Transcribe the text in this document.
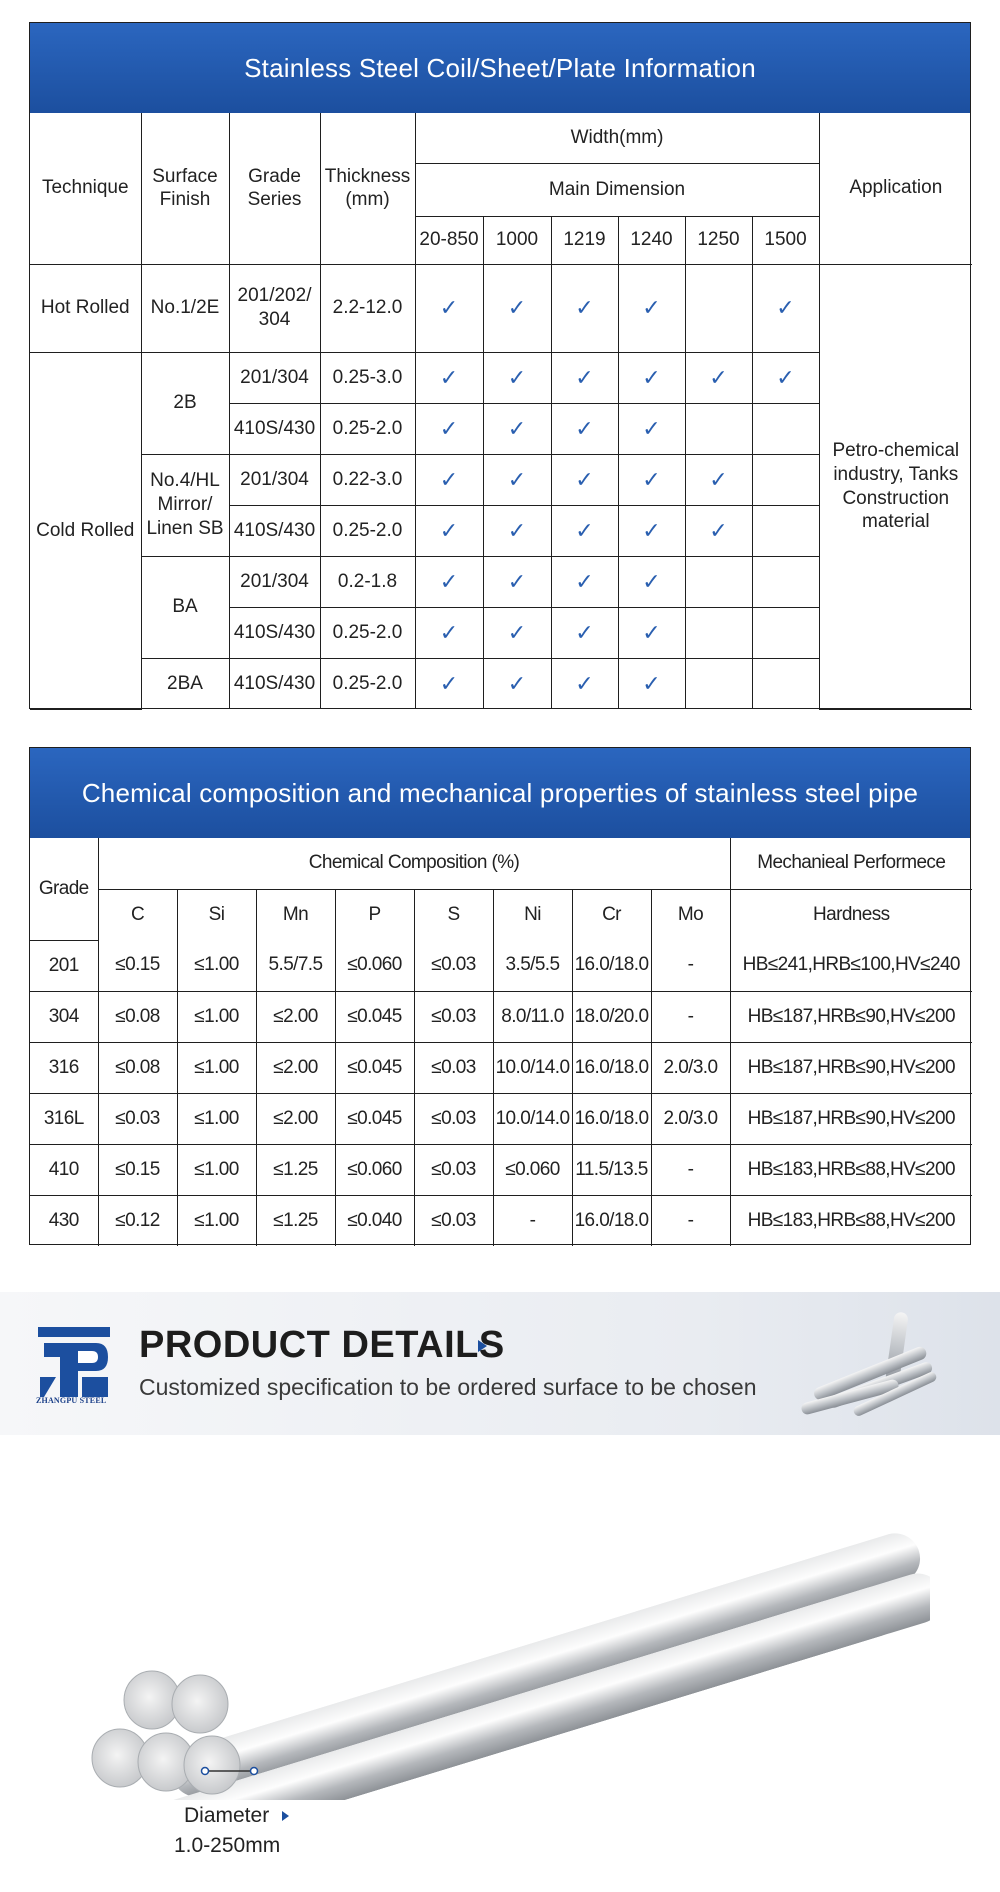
Stainless Steel Coil/Sheet/Plate Information
Technique	Surface Finish	Grade Series	Thickness (mm)	Width(mm)						Application
				Main Dimension						
				20-850	1000	1219	1240	1250	1500	
Hot Rolled	No.1/2E	201/202/ 304	2.2-12.0	✓	✓	✓	✓		✓	Petro-chemical industry, Tanks Construction material
Cold Rolled	2B	201/304	0.25-3.0	✓	✓	✓	✓	✓	✓	
		410S/430	0.25-2.0	✓	✓	✓	✓			
	No.4/HL Mirror/ Linen SB	201/304	0.22-3.0	✓	✓	✓	✓	✓		
		410S/430	0.25-2.0	✓	✓	✓	✓	✓		
	BA	201/304	0.2-1.8	✓	✓	✓	✓			
		410S/430	0.25-2.0	✓	✓	✓	✓			
	2BA	410S/430	0.25-2.0	✓	✓	✓	✓			
Chemical composition and mechanical properties of stainless steel pipe
Grade	Chemical Composition (%)								Mechanieal Performece
	C	Si	Mn	P	S	Ni	Cr	Mo	Hardness
201	≤0.15	≤1.00	5.5/7.5	≤0.060	≤0.03	3.5/5.5	16.0/18.0	-	HB≤241,HRB≤100,HV≤240
304	≤0.08	≤1.00	≤2.00	≤0.045	≤0.03	8.0/11.0	18.0/20.0	-	HB≤187,HRB≤90,HV≤200
316	≤0.08	≤1.00	≤2.00	≤0.045	≤0.03	10.0/14.0	16.0/18.0	2.0/3.0	HB≤187,HRB≤90,HV≤200
316L	≤0.03	≤1.00	≤2.00	≤0.045	≤0.03	10.0/14.0	16.0/18.0	2.0/3.0	HB≤187,HRB≤90,HV≤200
410	≤0.15	≤1.00	≤1.25	≤0.060	≤0.03	≤0.060	11.5/13.5	-	HB≤183,HRB≤88,HV≤200
430	≤0.12	≤1.00	≤1.25	≤0.040	≤0.03	-	16.0/18.0	-	HB≤183,HRB≤88,HV≤200
ZHANGPU STEEL
PRODUCT DETAILS
Customized specification to be ordered surface to be chosen
Diameter
1.0-250mm
